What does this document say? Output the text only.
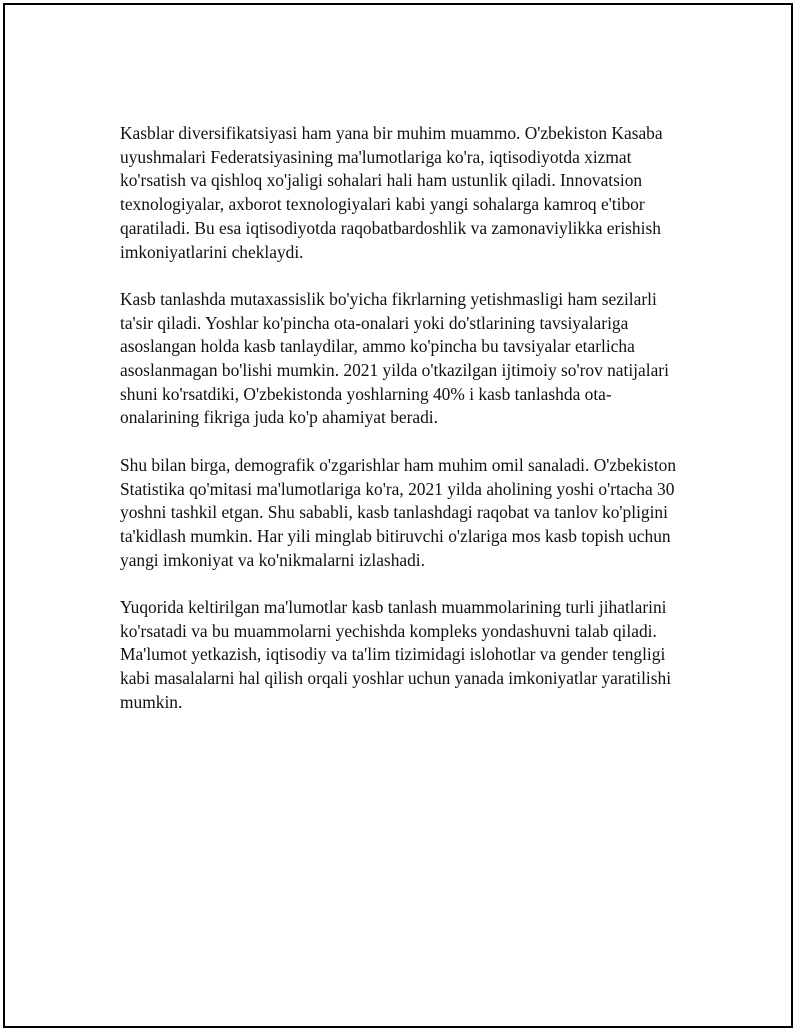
Kasblar diversifikatsiyasi ham yana bir muhim muammo. O'zbekiston Kasaba uyushmalari Federatsiyasining ma'lumotlariga ko'ra, iqtisodiyotda xizmat ko'rsatish va qishloq xo'jaligi sohalari hali ham ustunlik qiladi. Innovatsion texnologiyalar, axborot texnologiyalari kabi yangi sohalarga kamroq e'tibor qaratiladi. Bu esa iqtisodiyotda raqobatbardoshlik va zamonaviylikka erishish imkoniyatlarini cheklaydi.

Kasb tanlashda mutaxassislik bo'yicha fikrlarning yetishmasligi ham sezilarli ta'sir qiladi. Yoshlar ko'pincha ota-onalari yoki do'stlarining tavsiyalariga asoslangan holda kasb tanlaydilar, ammo ko'pincha bu tavsiyalar etarlicha asoslanmagan bo'lishi mumkin. 2021 yilda o'tkazilgan ijtimoiy so'rov natijalari shuni ko'rsatdiki, O'zbekistonda yoshlarning 40% i kasb tanlashda ota-onalarining fikriga juda ko'p ahamiyat beradi.

Shu bilan birga, demografik o'zgarishlar ham muhim omil sanaladi. O'zbekiston Statistika qo'mitasi ma'lumotlariga ko'ra, 2021 yilda aholining yoshi o'rtacha 30 yoshni tashkil etgan. Shu sababli, kasb tanlashdagi raqobat va tanlov ko'pligini ta'kidlash mumkin. Har yili minglab bitiruvchi o'zlariga mos kasb topish uchun yangi imkoniyat va ko'nikmalarni izlashadi.

Yuqorida keltirilgan ma'lumotlar kasb tanlash muammolarining turli jihatlarini ko'rsatadi va bu muammolarni yechishda kompleks yondashuvni talab qiladi. Ma'lumot yetkazish, iqtisodiy va ta'lim tizimidagi islohotlar va gender tengligi kabi masalalarni hal qilish orqali yoshlar uchun yanada imkoniyatlar yaratilishi mumkin.
